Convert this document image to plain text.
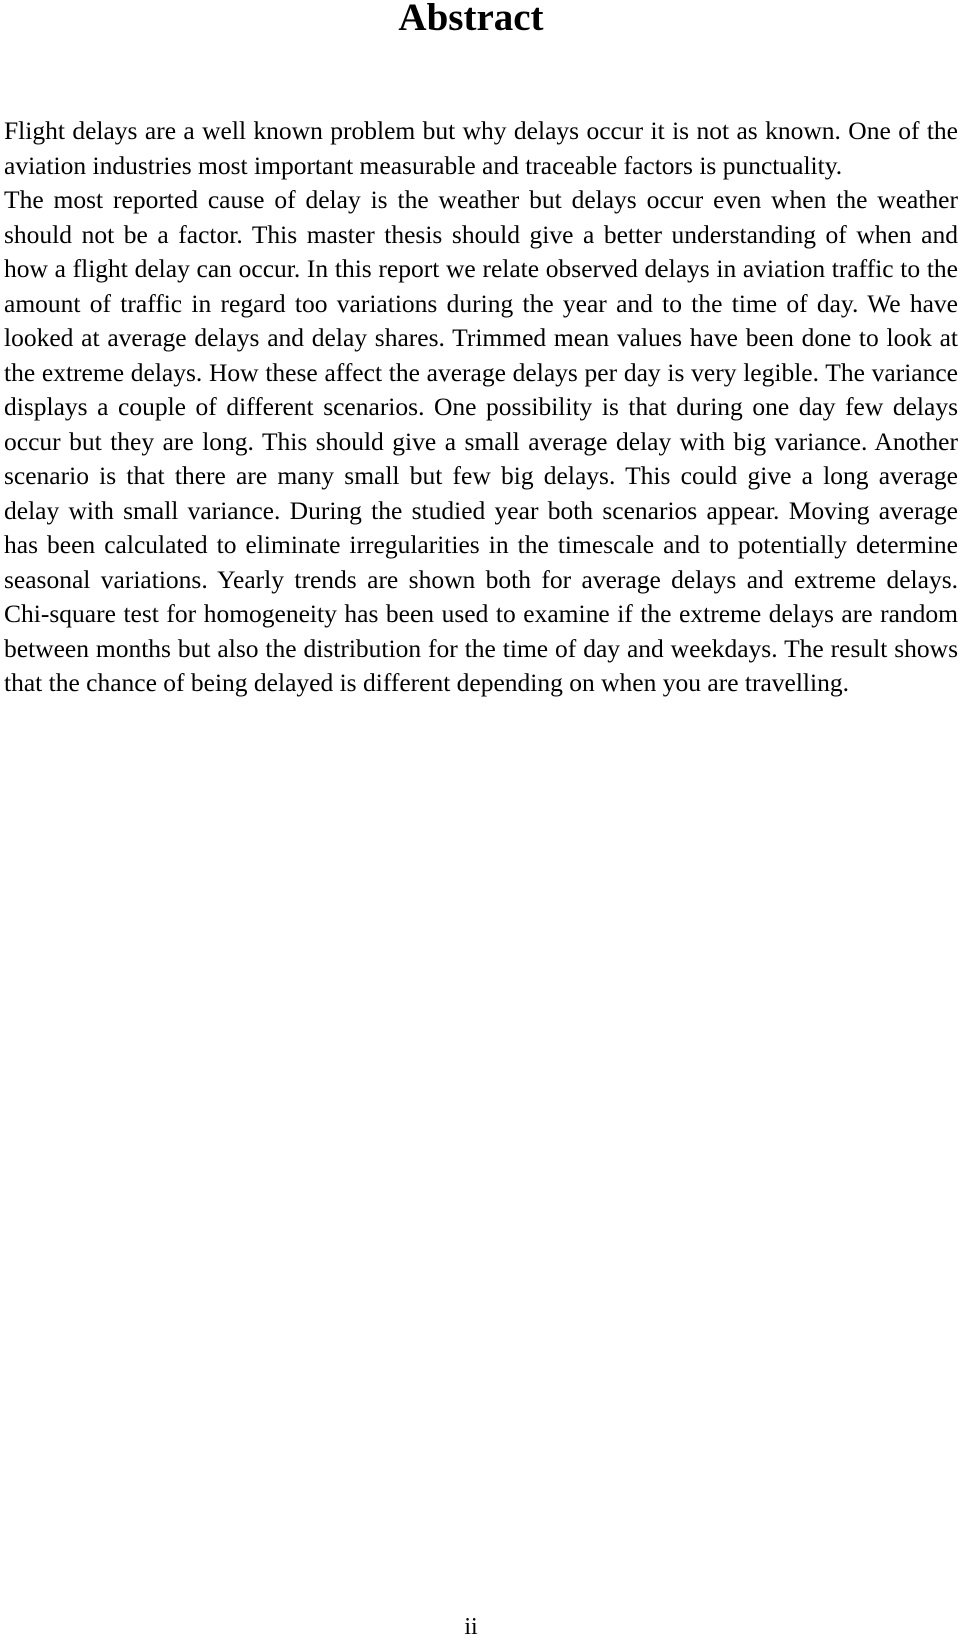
Abstract

Flight delays are a well known problem but why delays occur it is not as known. One of the aviation industries most important measurable and traceable factors is punctuality.

The most reported cause of delay is the weather but delays occur even when the weather should not be a factor. This master thesis should give a better understanding of when and how a flight delay can occur. In this report we relate observed delays in aviation traffic to the amount of traffic in regard too variations during the year and to the time of day. We have looked at average delays and delay shares. Trimmed mean values have been done to look at the extreme delays. How these affect the average delays per day is very legible. The variance displays a couple of different scenarios. One possibility is that during one day few delays occur but they are long. This should give a small average delay with big variance. Another scenario is that there are many small but few big delays. This could give a long average delay with small variance. During the studied year both scenarios appear. Moving average has been calculated to eliminate irregularities in the timescale and to potentially determine seasonal variations. Yearly trends are shown both for average delays and extreme delays. Chi-square test for homogeneity has been used to examine if the extreme delays are random between months but also the distribution for the time of day and weekdays. The result shows that the chance of being delayed is different depending on when you are travelling.

ii
